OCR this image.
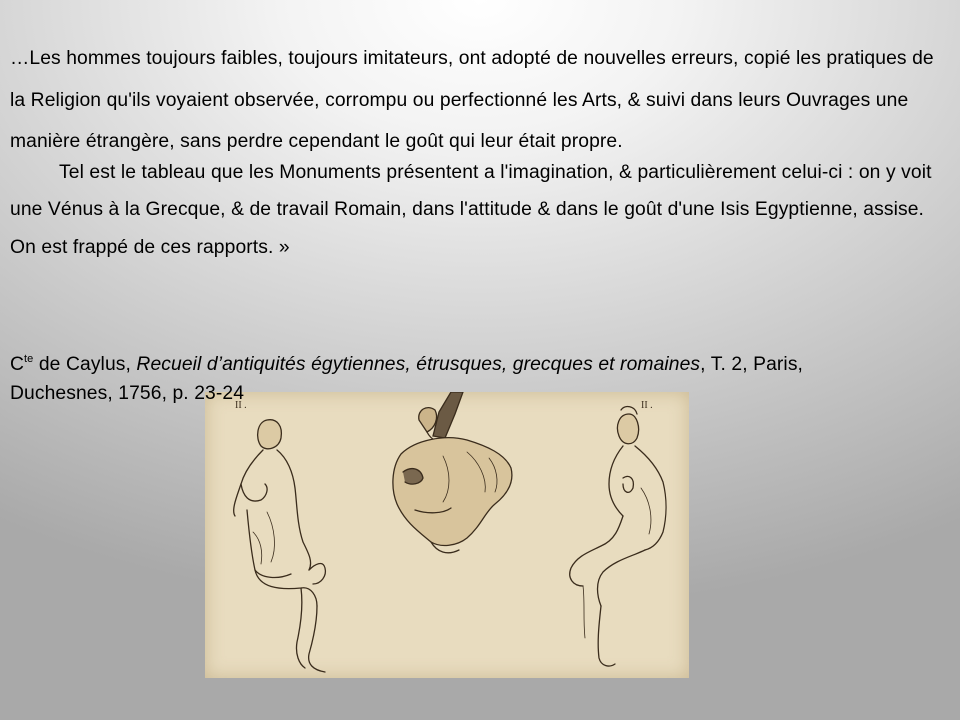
…Les hommes toujours faibles, toujours imitateurs, ont adopté de nouvelles erreurs, copié les pratiques de la Religion qu'ils voyaient observée, corrompu ou perfectionné les Arts, & suivi dans leurs Ouvrages une manière étrangère, sans perdre cependant le goût qui leur était propre.

Tel est le tableau que les Monuments présentent a l'imagination, & particulièrement celui-ci : on y voit une Vénus à la Grecque, & de travail Romain, dans l'attitude & dans le goût d'une Isis Egyptienne, assise. On est frappé de ces rapports. »

II .	II .

$C^{te}$ de Caylus, Recueil d’antiquités égytiennes, étrusques, grecques et romaines, T. 2, Paris,

Duchesnes, 1756, p. 23-24
